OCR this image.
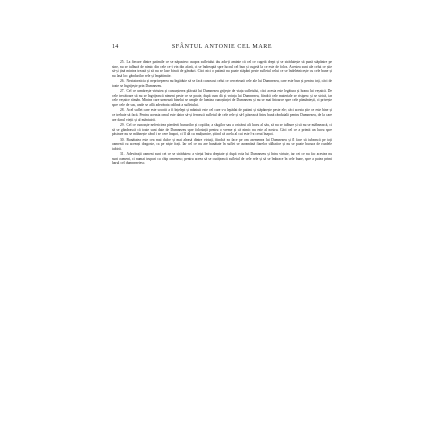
14	SFÂNTUL ANTONIE CEL MARE

25. La fiecare dintre patimile ce se năpustesc asupra sufletului tău adu-ți aminte că cel ce cugetă drept și se străduiește să pună stăpânire pe sine, nu se tulbură de nimic din cele ce-i vin din afară, ci se îndreaptă spre lucrul cel bun și cugetă la ce este de folos. Acestea sunt ale celui ce știe să-și țină mintea trează și să nu se lase biruit de gânduri. Căci nici o patimă nu poate stăpâni peste sufletul celui ce se îndeletnicește cu cele bune și nu lasă loc gândurilor rele și împătimite.

26. Nestatornicia și nepriceperea nu îngăduie să se facă cunoscut celui ce cercetează cele ale lui Dumnezeu, care este bun și pentru toți, căci de toate se îngrijește prin Dumnezeu.

27. Cel ce urmărește virtutea și cunoașterea plăcută lui Dumnezeu grijește de viața sufletului, căci acesta este legătura și hrana lui veșnică. De cele trecătoare să nu se îngrijească nimeni peste ce se poate, după cum dă și voința lui Dumnezeu, fiindcă cele materiale se risipesc și se strică, iar cele veșnice rămân. Mintea care urmează binelui se umple de lumina cunoștinței de Dumnezeu și nu se mai întoarce spre cele pământești, ci privește spre cele de sus, unde se află adevărata odihnă a sufletului.

28. Acel suflet care este socotit a fi înțelept și mântuit este cel care s-a lepădat de patimi și stăpânește peste ele; căci acesta știe ce este bine și ce trebuie să facă. Pentru aceasta omul este dator să-și ferească sufletul de cele rele și să-l păzească întru bună rânduială pentru Dumnezeu, de la care are darul vieții și al mântuirii.

29. Cel ce cunoaște nefericirea pierderii bunurilor și copiilor, a slugilor sau a oricărui alt lucru al său, să nu se tulbure și să nu se mâhnească, ci să se gândească că toate sunt date de Dumnezeu spre folosință pentru o vreme și că nimic nu este al nostru. Căci cel ce a primit un lucru spre păstrare nu se mâhnește când i se cere înapoi, ci îl dă cu mulțumire, știind că acela al cui este l-a cerut înapoi.

30. Bunătatea este cea mai dulce și mai aleasă dintre virtuți, fiindcă ea face pe om asemenea lui Dumnezeu și îl face să iubească pe toți oamenii cu aceeași dragoste, ca pe niște frați. Iar cel ce nu are bunătate în suflet se aseamănă fiarelor sălbatice și nu se poate bucura de roadele iubirii.

31. Adevărații oameni sunt cei ce se străduiesc a viețui întru dreptate și după voia lui Dumnezeu și întru virtute, iar cei ce nu fac acestea nu sunt oameni, ci numai trupuri cu chip omenesc; pentru aceea să se curățească sufletul de cele rele și să se îmbrace în cele bune, spre a putea primi harul cel dumnezeiesc.
